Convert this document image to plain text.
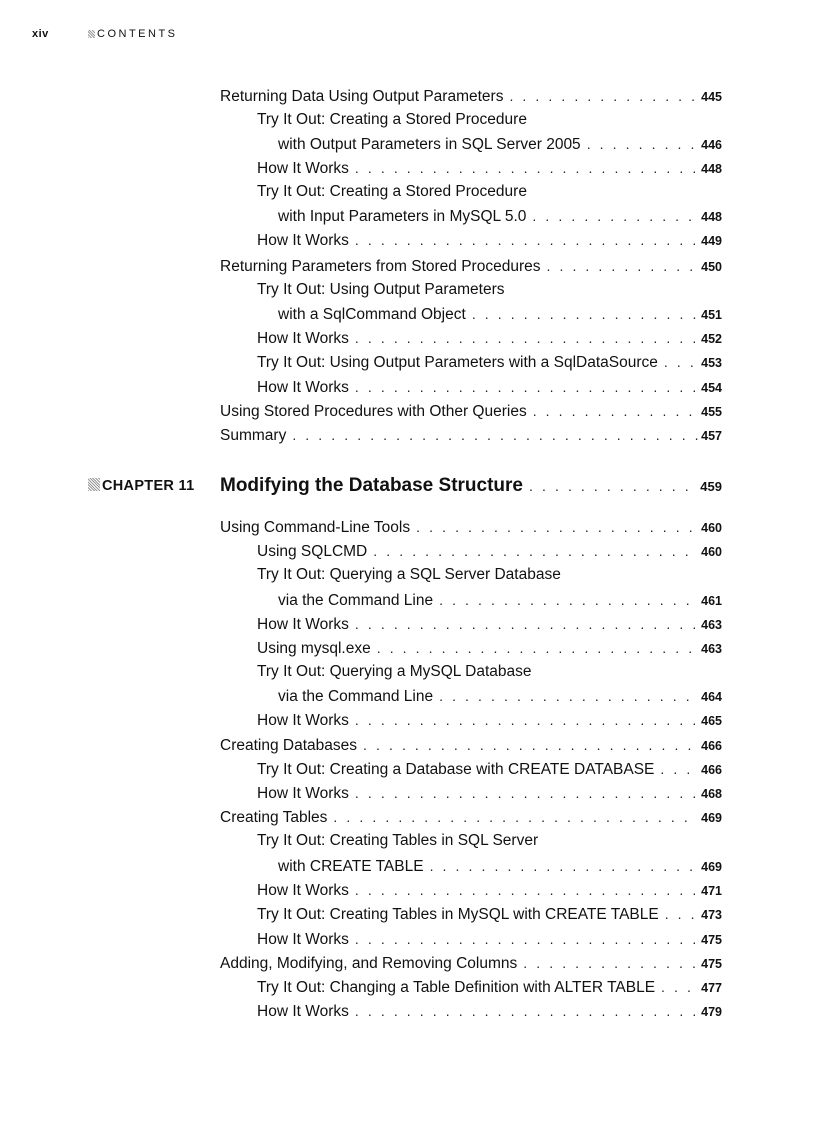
xiv	CONTENTS
Returning Data Using Output Parameters . . .	445
Try It Out: Creating a Stored Procedure
with Output Parameters in SQL Server 2005 . . .	446
How It Works . . .	448
Try It Out: Creating a Stored Procedure
with Input Parameters in MySQL 5.0 . . .	448
How It Works . . .	449
Returning Parameters from Stored Procedures . . .	450
Try It Out: Using Output Parameters
with a SqlCommand Object . . .	451
How It Works . . .	452
Try It Out: Using Output Parameters with a SqlDataSource . . .	453
How It Works . . .	454
Using Stored Procedures with Other Queries . . .	455
Summary . . .	457
CHAPTER 11 Modifying the Database Structure . . .	459
Using Command-Line Tools . . .	460
Using SQLCMD . . .	460
Try It Out: Querying a SQL Server Database
via the Command Line . . .	461
How It Works . . .	463
Using mysql.exe . . .	463
Try It Out: Querying a MySQL Database
via the Command Line . . .	464
How It Works . . .	465
Creating Databases . . .	466
Try It Out: Creating a Database with CREATE DATABASE . . .	466
How It Works . . .	468
Creating Tables . . .	469
Try It Out: Creating Tables in SQL Server
with CREATE TABLE . . .	469
How It Works . . .	471
Try It Out: Creating Tables in MySQL with CREATE TABLE . . .	473
How It Works . . .	475
Adding, Modifying, and Removing Columns . . .	475
Try It Out: Changing a Table Definition with ALTER TABLE . . .	477
How It Works . . .	479
